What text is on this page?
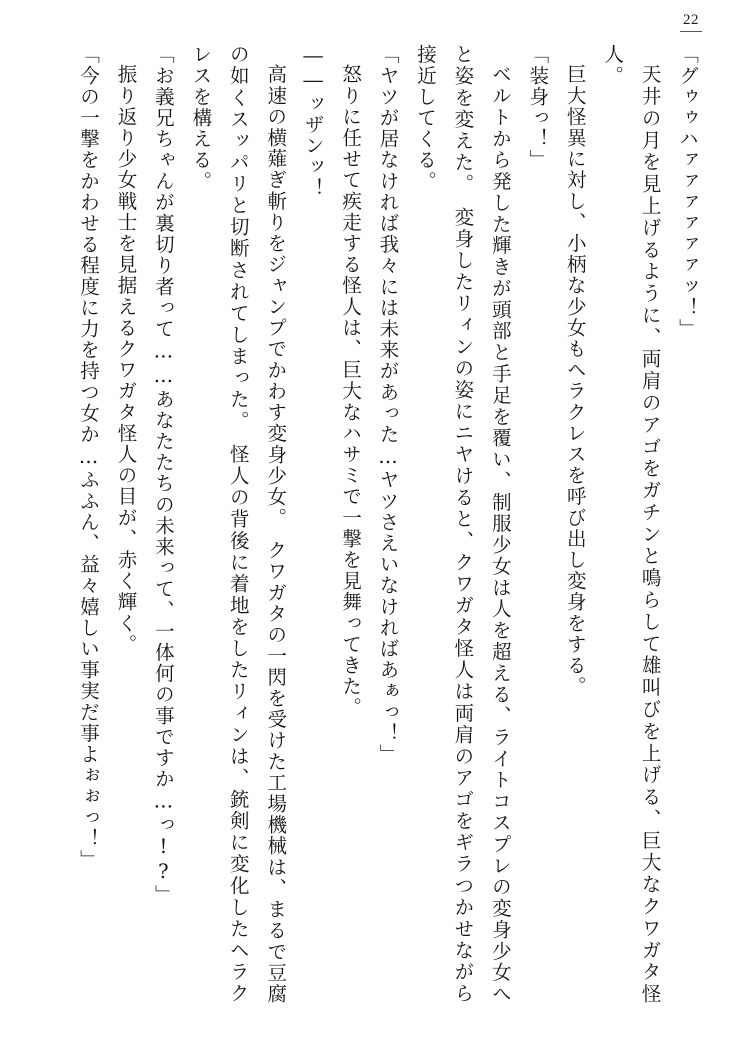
22

「グゥゥハァァァァァァッ！」

天井の月を見上げるように、両肩のアゴをガチンと鳴らして雄叫びを上げる、巨大なクワガタ怪人。

巨大怪異に対し、小柄な少女もヘラクレスを呼び出し変身をする。

「装身っ！」

ベルトから発した輝きが頭部と手足を覆い、制服少女は人を超える、ライトコスプレの変身少女へと姿を変えた。　変身したリィンの姿にニヤけると、クワガタ怪人は両肩のアゴをギラつかせながら接近してくる。

「ヤツが居なければ我々には未来があった…ヤツさえいなければあぁっ！」

怒りに任せて疾走する怪人は、巨大なハサミで一撃を見舞ってきた。

――ッザンッ！

高速の横薙ぎ斬りをジャンプでかわす変身少女。　クワガタの一閃を受けた工場機械は、まるで豆腐の如くスッパリと切断されてしまった。　怪人の背後に着地をしたリィンは、銃剣に変化したヘラクレスを構える。

「お義兄ちゃんが裏切り者って……あなたたちの未来って、一体何の事ですか…っ!?」

振り返り少女戦士を見据えるクワガタ怪人の目が、赤く輝く。

「今の一撃をかわせる程度に力を持つ女か…ふふん、益々嬉しい事実だ事よぉぉっ！」
